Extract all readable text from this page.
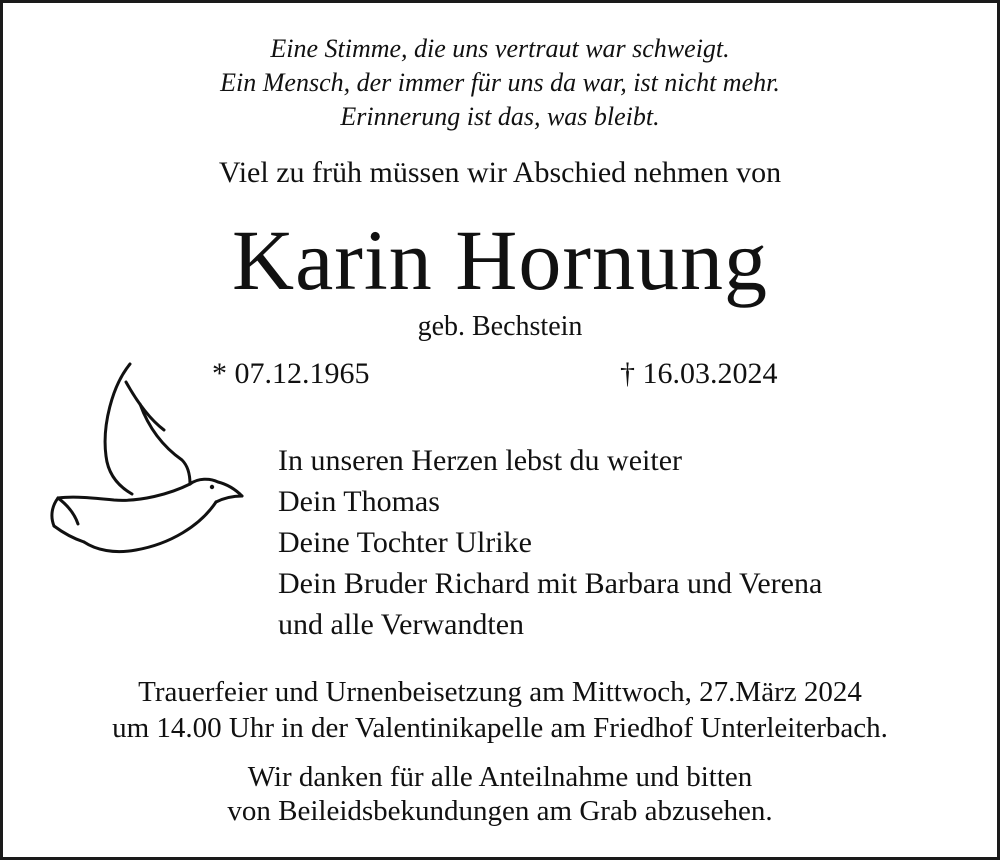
Eine Stimme, die uns vertraut war schweigt.
Ein Mensch, der immer für uns da war, ist nicht mehr.
Erinnerung ist das, was bleibt.
Viel zu früh müssen wir Abschied nehmen von
Karin Hornung
geb. Bechstein
* 07.12.1965	† 16.03.2024
In unseren Herzen lebst du weiter
Dein Thomas
Deine Tochter Ulrike
Dein Bruder Richard mit Barbara und Verena
und alle Verwandten
Trauerfeier und Urnenbeisetzung am Mittwoch, 27.März 2024
um 14.00 Uhr in der Valentinikapelle am Friedhof Unterleiterbach.
Wir danken für alle Anteilnahme und bitten
von Beileidsbekundungen am Grab abzusehen.
